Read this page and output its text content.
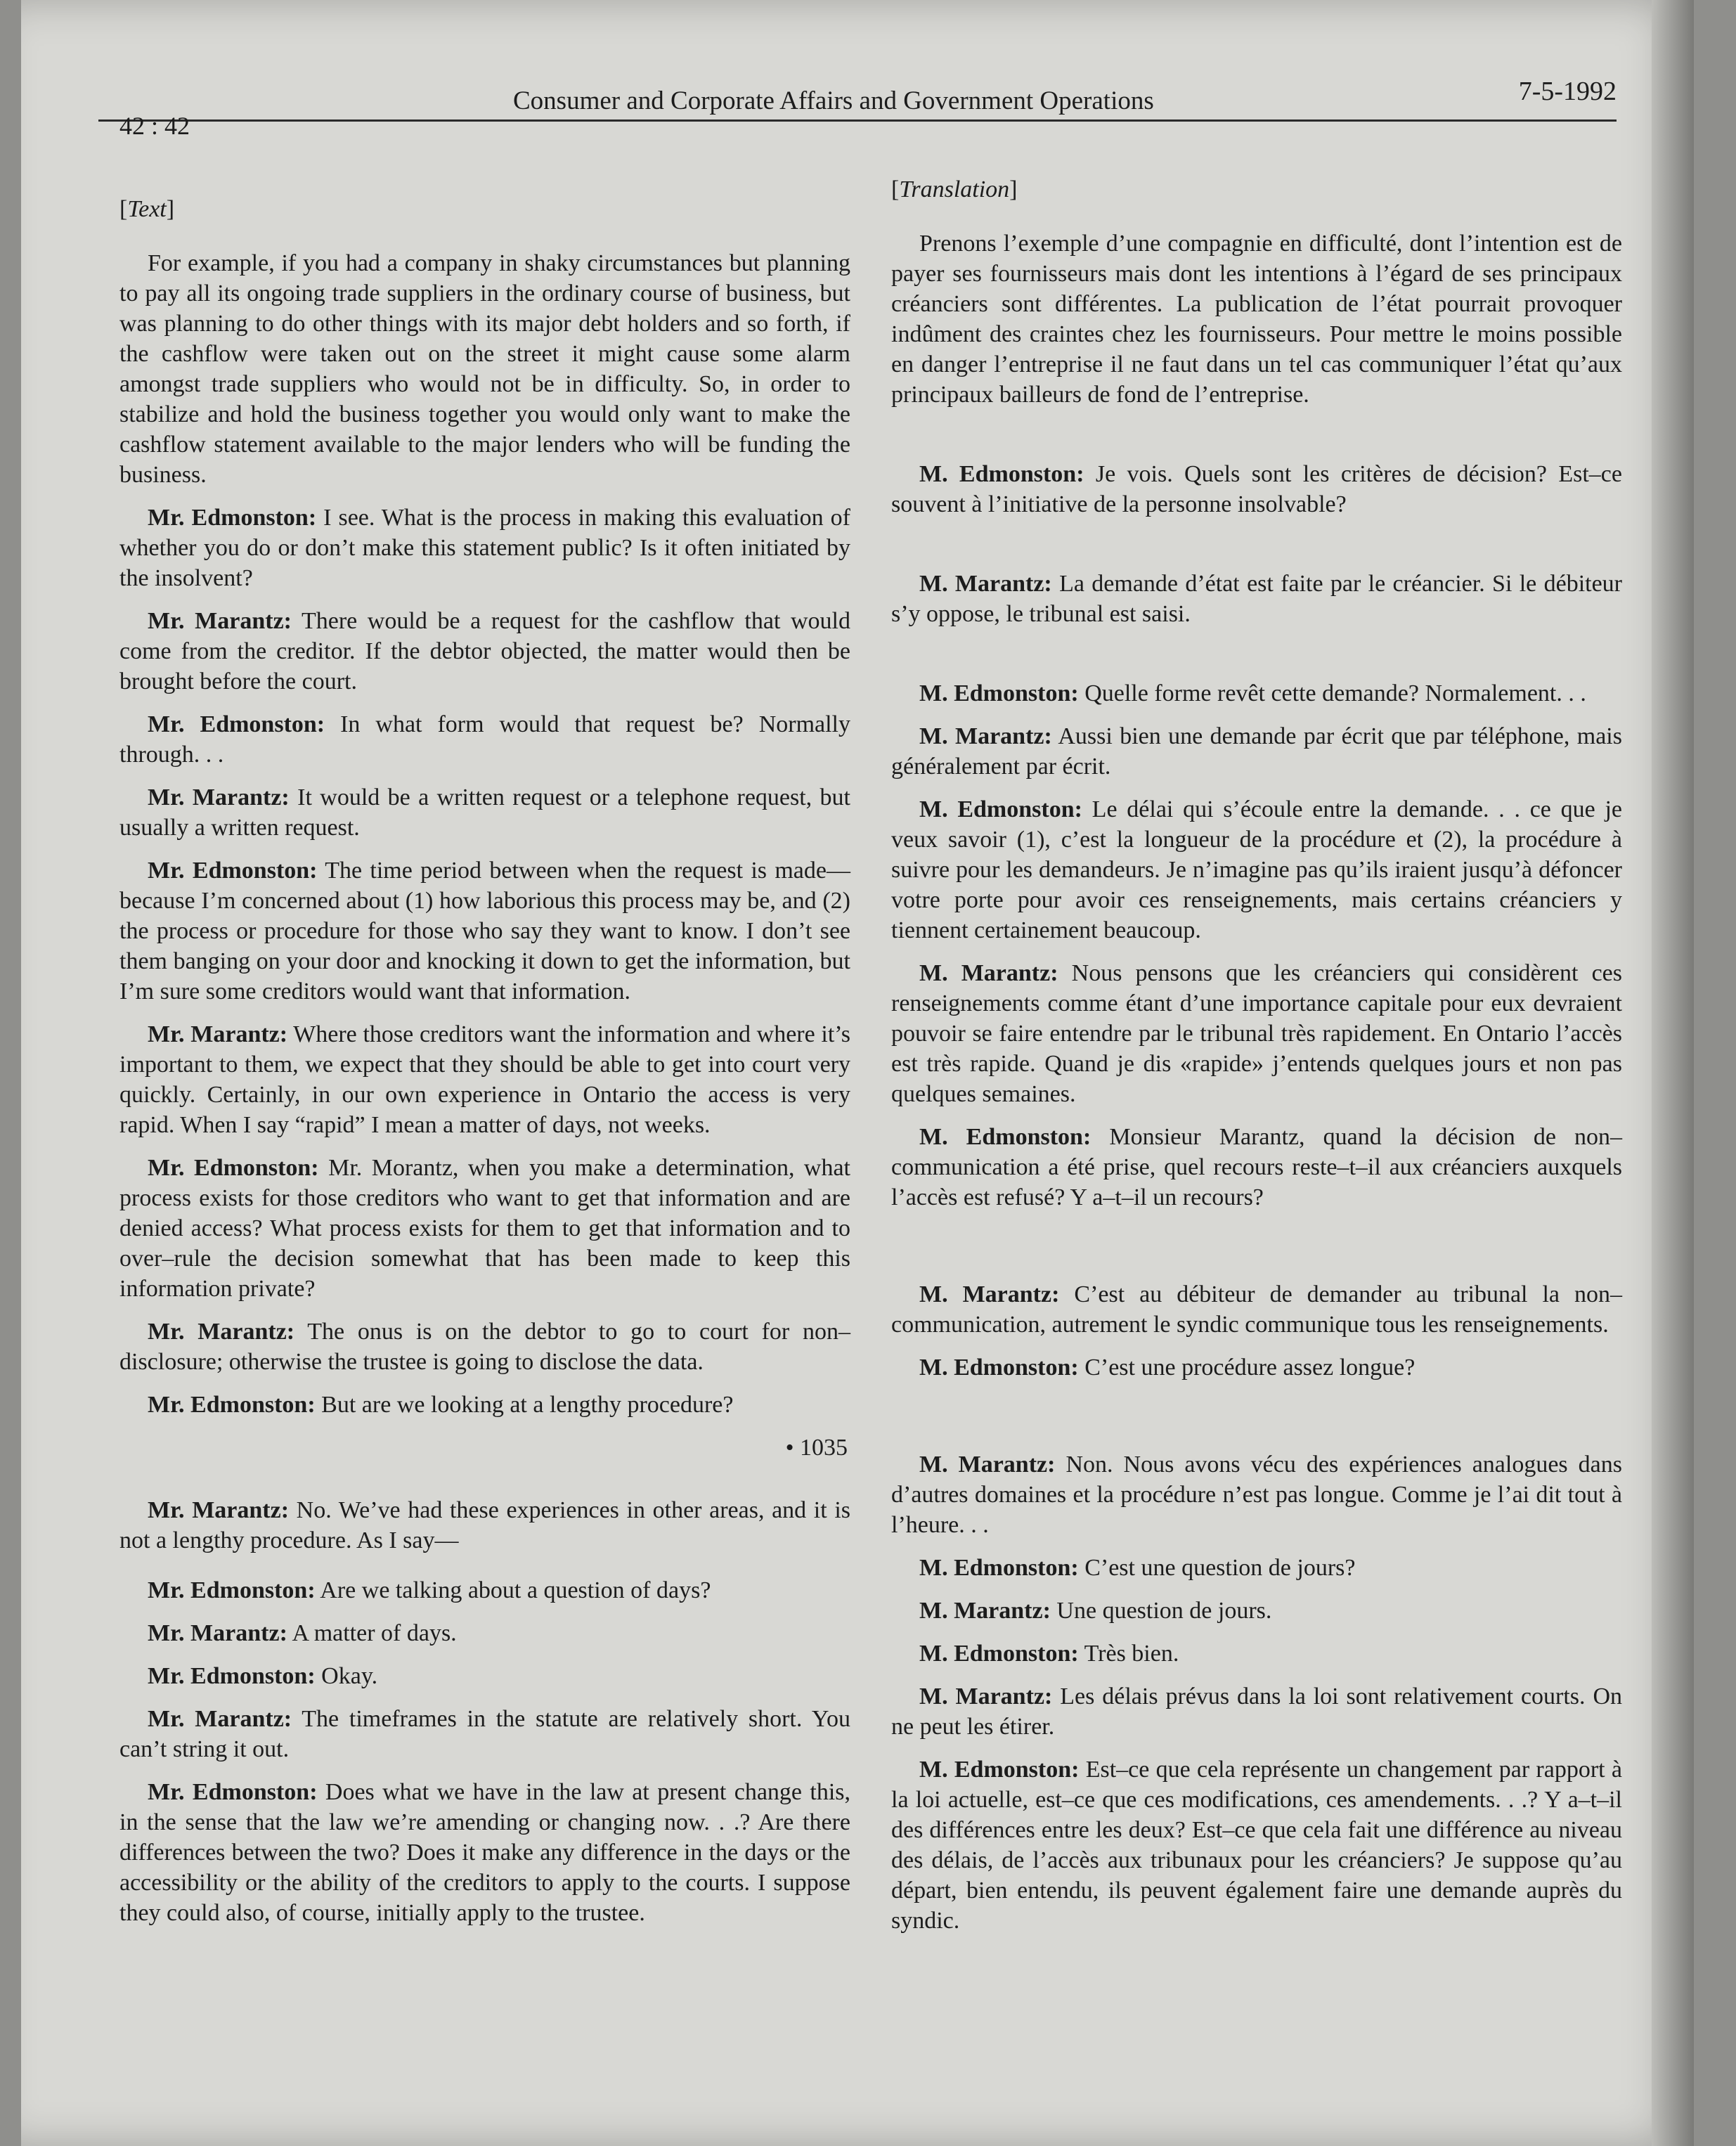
42 : 42
Consumer and Corporate Affairs and Government Operations	7-5-1992
[Text]

For example, if you had a company in shaky circumstances but planning to pay all its ongoing trade suppliers in the ordinary course of business, but was planning to do other things with its major debt holders and so forth, if the cashflow were taken out on the street it might cause some alarm amongst trade suppliers who would not be in difficulty. So, in order to stabilize and hold the business together you would only want to make the cashflow statement available to the major lenders who will be funding the business.

Mr. Edmonston: I see. What is the process in making this evaluation of whether you do or don’t make this statement public? Is it often initiated by the insolvent?

Mr. Marantz: There would be a request for the cashflow that would come from the creditor. If the debtor objected, the matter would then be brought before the court.

Mr. Edmonston: In what form would that request be? Normally through. . .

Mr. Marantz: It would be a written request or a telephone request, but usually a written request.

Mr. Edmonston: The time period between when the request is made—because I’m concerned about (1) how laborious this process may be, and (2) the process or procedure for those who say they want to know. I don’t see them banging on your door and knocking it down to get the information, but I’m sure some creditors would want that information.

Mr. Marantz: Where those creditors want the information and where it’s important to them, we expect that they should be able to get into court very quickly. Certainly, in our own experience in Ontario the access is very rapid. When I say “rapid” I mean a matter of days, not weeks.

Mr. Edmonston: Mr. Morantz, when you make a determination, what process exists for those creditors who want to get that information and are denied access? What process exists for them to get that information and to over–rule the decision somewhat that has been made to keep this information private?

Mr. Marantz: The onus is on the debtor to go to court for non–disclosure; otherwise the trustee is going to disclose the data.

Mr. Edmonston: But are we looking at a lengthy procedure?

• 1035

Mr. Marantz: No. We’ve had these experiences in other areas, and it is not a lengthy procedure. As I say—

Mr. Edmonston: Are we talking about a question of days?

Mr. Marantz: A matter of days.

Mr. Edmonston: Okay.

Mr. Marantz: The timeframes in the statute are relatively short. You can’t string it out.

Mr. Edmonston: Does what we have in the law at present change this, in the sense that the law we’re amending or changing now. . .? Are there differences between the two? Does it make any difference in the days or the accessibility or the ability of the creditors to apply to the courts. I suppose they could also, of course, initially apply to the trustee.

[Translation]

Prenons l’exemple d’une compagnie en difficulté, dont l’intention est de payer ses fournisseurs mais dont les intentions à l’égard de ses principaux créanciers sont différentes. La publication de l’état pourrait provoquer indûment des craintes chez les fournisseurs. Pour mettre le moins possible en danger l’entreprise il ne faut dans un tel cas communiquer l’état qu’aux principaux bailleurs de fond de l’entreprise.

M. Edmonston: Je vois. Quels sont les critères de décision? Est–ce souvent à l’initiative de la personne insolvable?

M. Marantz: La demande d’état est faite par le créancier. Si le débiteur s’y oppose, le tribunal est saisi.

M. Edmonston: Quelle forme revêt cette demande? Normalement. . .

M. Marantz: Aussi bien une demande par écrit que par téléphone, mais généralement par écrit.

M. Edmonston: Le délai qui s’écoule entre la demande. . . ce que je veux savoir (1), c’est la longueur de la procédure et (2), la procédure à suivre pour les demandeurs. Je n’imagine pas qu’ils iraient jusqu’à défoncer votre porte pour avoir ces renseignements, mais certains créanciers y tiennent certainement beaucoup.

M. Marantz: Nous pensons que les créanciers qui considèrent ces renseignements comme étant d’une importance capitale pour eux devraient pouvoir se faire entendre par le tribunal très rapidement. En Ontario l’accès est très rapide. Quand je dis «rapide» j’entends quelques jours et non pas quelques semaines.

M. Edmonston: Monsieur Marantz, quand la décision de non–communication a été prise, quel recours reste–t–il aux créanciers auxquels l’accès est refusé? Y a–t–il un recours?

M. Marantz: C’est au débiteur de demander au tribunal la non–communication, autrement le syndic communique tous les renseignements.

M. Edmonston: C’est une procédure assez longue?

M. Marantz: Non. Nous avons vécu des expériences analogues dans d’autres domaines et la procédure n’est pas longue. Comme je l’ai dit tout à l’heure. . .

M. Edmonston: C’est une question de jours?

M. Marantz: Une question de jours.

M. Edmonston: Très bien.

M. Marantz: Les délais prévus dans la loi sont relativement courts. On ne peut les étirer.

M. Edmonston: Est–ce que cela représente un changement par rapport à la loi actuelle, est–ce que ces modifications, ces amendements. . .? Y a–t–il des différences entre les deux? Est–ce que cela fait une différence au niveau des délais, de l’accès aux tribunaux pour les créanciers? Je suppose qu’au départ, bien entendu, ils peuvent également faire une demande auprès du syndic.
